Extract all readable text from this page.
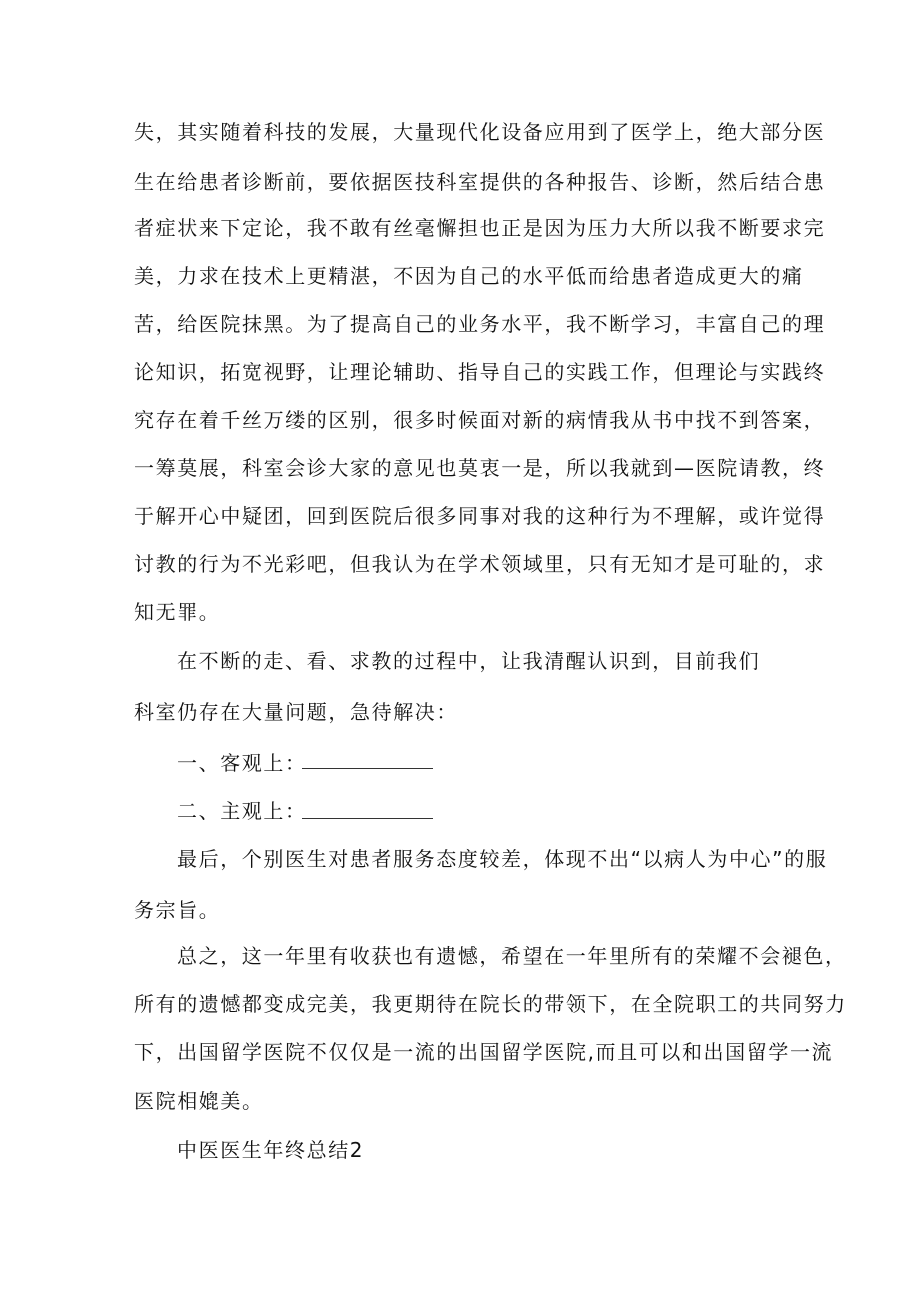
失，其实随着科技的发展，大量现代化设备应用到了医学上，绝大部分医
生在给患者诊断前，要依据医技科室提供的各种报告、诊断，然后结合患
者症状来下定论，我不敢有丝毫懈担也正是因为压力大所以我不断要求完
美，力求在技术上更精湛，不因为自己的水平低而给患者造成更大的痛
苦，给医院抹黑。为了提高自己的业务水平，我不断学习，丰富自己的理
论知识，拓宽视野，让理论辅助、指导自己的实践工作，但理论与实践终
究存在着千丝万缕的区别，很多时候面对新的病情我从书中找不到答案，
一筹莫展，科室会诊大家的意见也莫衷一是，所以我就到—医院请教，终
于解开心中疑团，回到医院后很多同事对我的这种行为不理解，或许觉得
讨教的行为不光彩吧，但我认为在学术领域里，只有无知才是可耻的，求
知无罪。
在不断的走、看、求教的过程中，让我清醒认识到，目前我们
科室仍存在大量问题，急待解决：
一、客观上：
二、主观上：
最后，个别医生对患者服务态度较差，体现不出“以病人为中心”的服
务宗旨。
总之，这一年里有收获也有遗憾，希望在一年里所有的荣耀不会褪色，
所有的遗憾都变成完美，我更期待在院长的带领下，在全院职工的共同努力
下，出国留学医院不仅仅是一流的出国留学医院,而且可以和出国留学一流
医院相媲美。
中医医生年终总结2
